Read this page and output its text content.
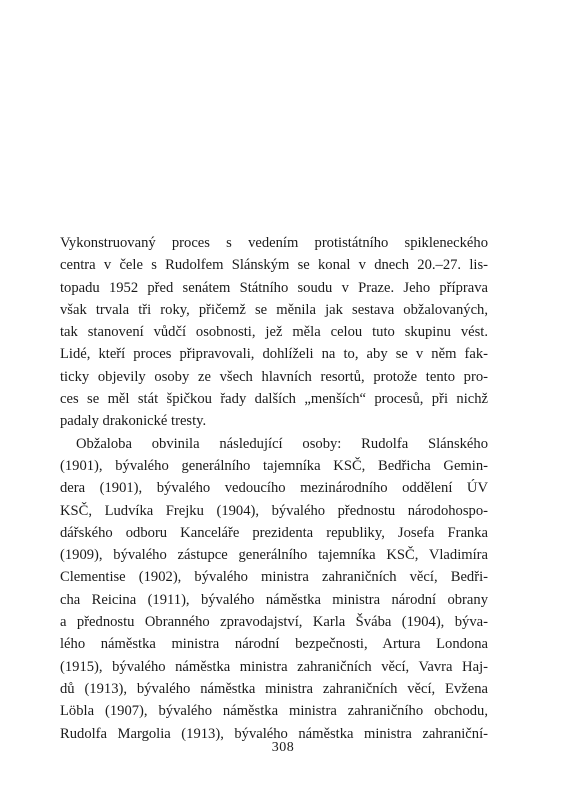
Vykonstruovaný proces s vedením protistátního spikleneckého
centra v čele s Rudolfem Slánským se konal v dnech 20.–27. lis-
topadu 1952 před senátem Státního soudu v Praze. Jeho příprava
však trvala tři roky, přičemž se měnila jak sestava obžalovaných,
tak stanovení vůdčí osobnosti, jež měla celou tuto skupinu vést.
Lidé, kteří proces připravovali, dohlíželi na to, aby se v něm fak-
ticky objevily osoby ze všech hlavních resortů, protože tento pro-
ces se měl stát špičkou řady dalších „menších“ procesů, při nichž
padaly drakonické tresty.
Obžaloba obvinila následující osoby: Rudolfa Slánského
(1901), bývalého generálního tajemníka KSČ, Bedřicha Gemin-
dera (1901), bývalého vedoucího mezinárodního oddělení ÚV
KSČ, Ludvíka Frejku (1904), bývalého přednostu národohospo-
dářského odboru Kanceláře prezidenta republiky, Josefa Franka
(1909), bývalého zástupce generálního tajemníka KSČ, Vladimíra
Clementise (1902), bývalého ministra zahraničních věcí, Bedři-
cha Reicina (1911), bývalého náměstka ministra národní obrany
a přednostu Obranného zpravodajství, Karla Švába (1904), býva-
lého náměstka ministra národní bezpečnosti, Artura Londona
(1915), bývalého náměstka ministra zahraničních věcí, Vavra Haj-
dů (1913), bývalého náměstka ministra zahraničních věcí, Evžena
Löbla (1907), bývalého náměstka ministra zahraničního obchodu,
Rudolfa Margolia (1913), bývalého náměstka ministra zahraniční-
308
